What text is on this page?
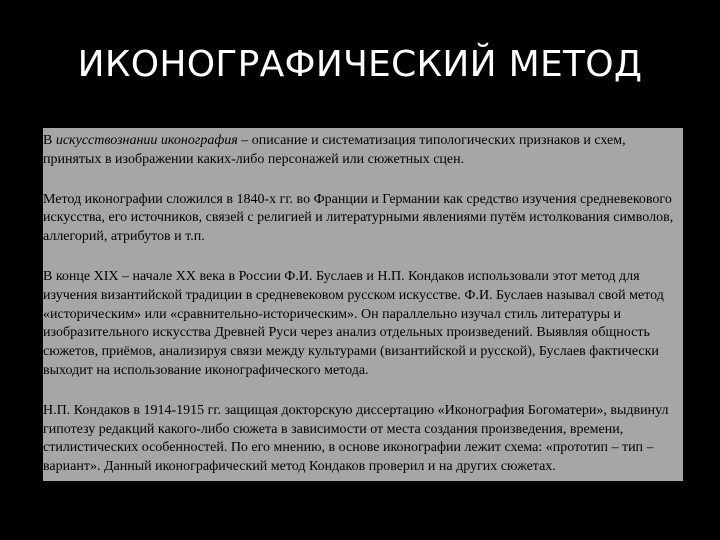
ИКОНОГРАФИЧЕСКИЙ МЕТОД

В искусствознании иконография – описание и систематизация типологических признаков и схем, принятых в изображении каких-либо персонажей или сюжетных сцен.

Метод иконографии сложился в 1840-х гг. во Франции и Германии как средство изучения средневекового искусства, его источников, связей с религией и литературными явлениями путём истолкования символов, аллегорий, атрибутов и т.п.

В конце XIX – начале XX века в России Ф.И. Буслаев и Н.П. Кондаков использовали этот метод для изучения византийской традиции в средневековом русском искусстве. Ф.И. Буслаев называл свой метод «историческим» или «сравнительно-историческим». Он параллельно изучал стиль литературы и изобразительного искусства Древней Руси через анализ отдельных произведений. Выявляя общность сюжетов, приёмов, анализируя связи между культурами (византийской и русской), Буслаев фактически выходит на использование иконографического метода.

Н.П. Кондаков в 1914-1915 гг. защищая докторскую диссертацию «Иконография Богоматери», выдвинул гипотезу редакций какого-либо сюжета в зависимости от места создания произведения, времени, стилистических особенностей. По его мнению, в основе иконографии лежит схема: «прототип – тип – вариант». Данный иконографический метод Кондаков проверил и на других сюжетах.
